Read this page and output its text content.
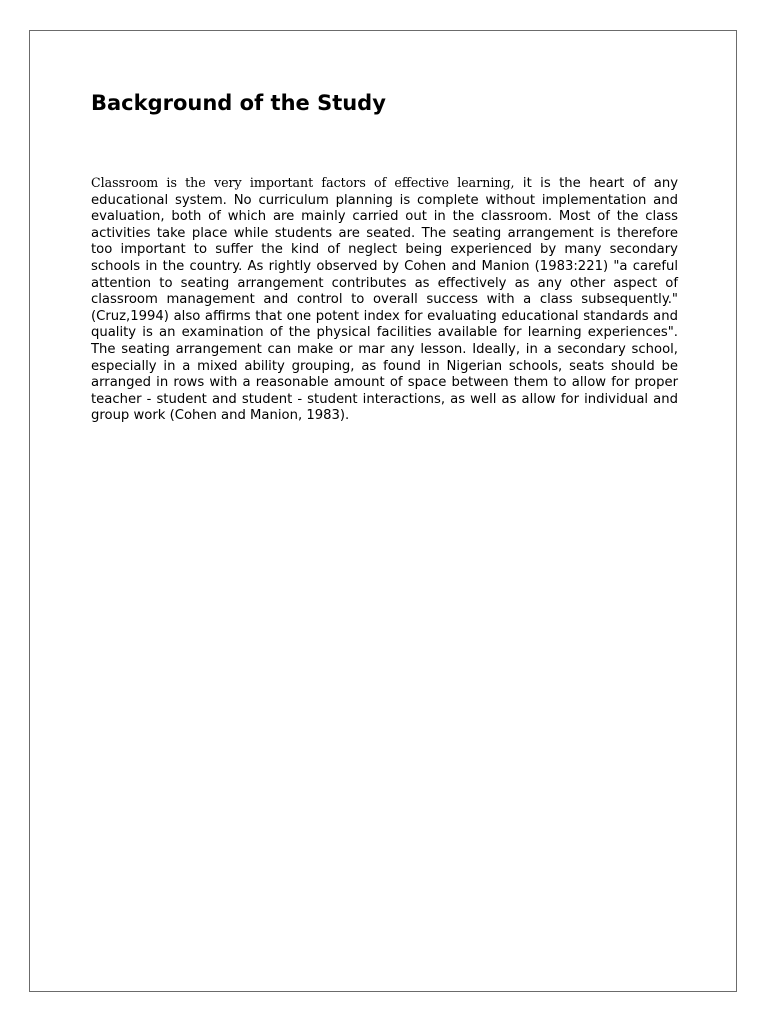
Background of the Study

Classroom is the very important factors of effective learning, it is the heart of any educational system. No curriculum planning is complete without implementation and evaluation, both of which are mainly carried out in the classroom. Most of the class activities take place while students are seated. The seating arrangement is therefore too important to suffer the kind of neglect being experienced by many secondary schools in the country. As rightly observed by Cohen and Manion (1983:221) "a careful attention to seating arrangement contributes as effectively as any other aspect of classroom management and control to overall success with a class subsequently."(Cruz,1994) also affirms that one potent index for evaluating educational standards and quality is an examination of the physical facilities available for learning experiences". The seating arrangement can make or mar any lesson. Ideally, in a secondary school, especially in a mixed ability grouping, as found in Nigerian schools, seats should be arranged in rows with a reasonable amount of space between them to allow for proper teacher - student and student - student interactions, as well as allow for individual and group work (Cohen and Manion, 1983).
